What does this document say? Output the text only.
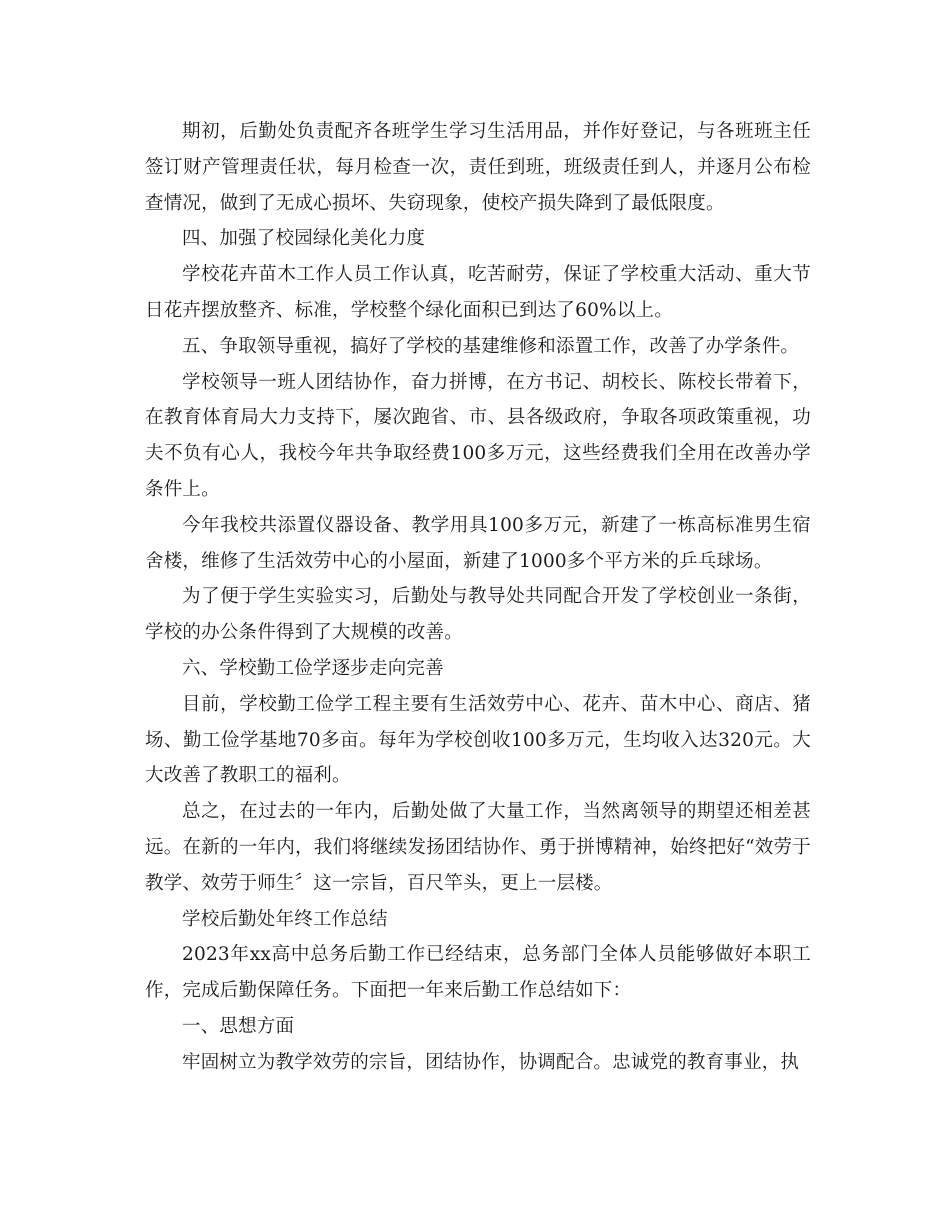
期初，后勤处负责配齐各班学生学习生活用品，并作好登记，与各班班主任签订财产管理责任状，每月检查一次，责任到班，班级责任到人，并逐月公布检查情况，做到了无成心损坏、失窃现象，使校产损失降到了最低限度。

四、加强了校园绿化美化力度

学校花卉苗木工作人员工作认真，吃苦耐劳，保证了学校重大活动、重大节日花卉摆放整齐、标准，学校整个绿化面积已到达了60%以上。

五、争取领导重视，搞好了学校的基建维修和添置工作，改善了办学条件。

学校领导一班人团结协作，奋力拼博，在方书记、胡校长、陈校长带着下，在教育体育局大力支持下，屡次跑省、市、县各级政府，争取各项政策重视，功夫不负有心人，我校今年共争取经费100多万元，这些经费我们全用在改善办学条件上。

今年我校共添置仪器设备、教学用具100多万元，新建了一栋高标准男生宿舍楼，维修了生活效劳中心的小屋面，新建了1000多个平方米的乒乓球场。

为了便于学生实验实习，后勤处与教导处共同配合开发了学校创业一条街，学校的办公条件得到了大规模的改善。

六、学校勤工俭学逐步走向完善

目前，学校勤工俭学工程主要有生活效劳中心、花卉、苗木中心、商店、猪场、勤工俭学基地70多亩。每年为学校创收100多万元，生均收入达320元。大大改善了教职工的福利。

总之，在过去的一年内，后勤处做了大量工作，当然离领导的期望还相差甚远。在新的一年内，我们将继续发扬团结协作、勇于拼博精神，始终把好“效劳于教学、效劳于师生〞这一宗旨，百尺竿头，更上一层楼。

学校后勤处年终工作总结

2023年xx高中总务后勤工作已经结束，总务部门全体人员能够做好本职工作，完成后勤保障任务。下面把一年来后勤工作总结如下：

一、思想方面

牢固树立为教学效劳的宗旨，团结协作，协调配合。忠诚党的教育事业，执
